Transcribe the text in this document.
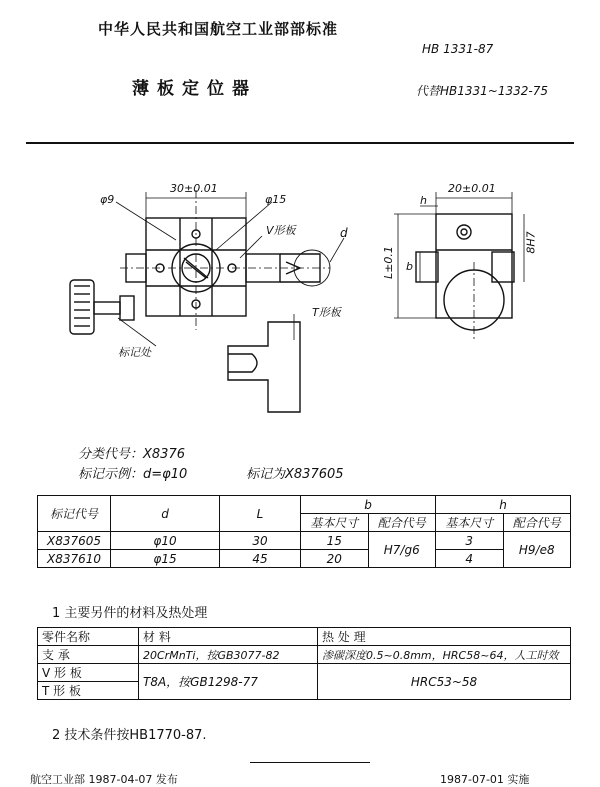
中华人民共和国航空工业部部标准
HB 1331-87
薄板定位器	代替HB1331~1332-75
30±0.01
φ9	φ15
V形板	d
T形板
标记处
20±0.01
h
b
L±0.1
8H7
分类代号：X8376
标记示例：d=φ10	标记为X837605
标记代号	d	L	b		h	
			基本尺寸	配合代号	基本尺寸	配合代号
X837605	φ10	30	15	H7/g6	3	H9/e8
X837610	φ15	45	20		4	
1 主要另件的材料及热处理
零件名称	材 料	热 处 理
支 承	20CrMnTi，按GB3077-82	渗碳深度0.5~0.8mm，HRC58~64，人工时效
V 形 板	T8A，按GB1298-77	HRC53~58
T 形 板		
2 技术条件按HB1770-87.
航空工业部 1987-04-07 发布	1987-07-01 实施
